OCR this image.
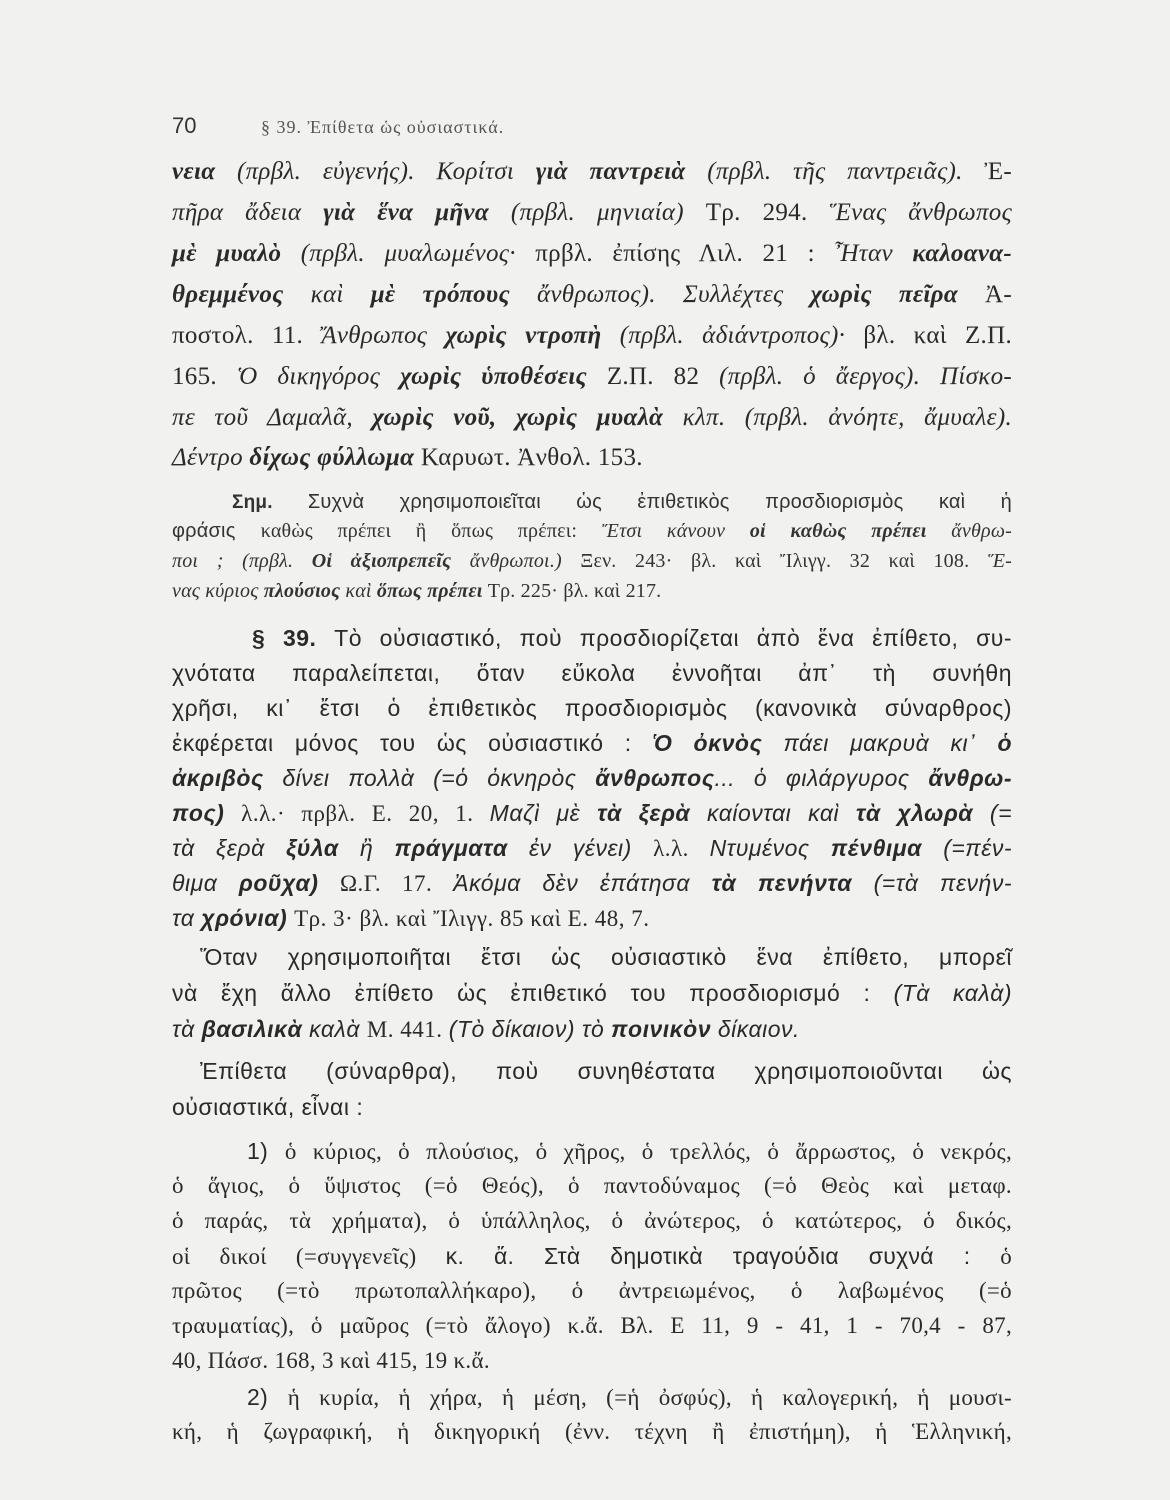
70	§ 39. Ἐπίθετα ὡς οὐσιαστικά.
νεια (πρβλ. εὐγενής). Κορίτσι γιὰ παντρειὰ (πρβλ. τῆς παντρειᾶς). Ἐ-
πῆρα ἄδεια γιὰ ἕνα μῆνα (πρβλ. μηνιαία) Τρ. 294. Ἕνας ἄνθρωπος
μὲ μυαλὸ (πρβλ. μυαλωμένος· πρβλ. ἐπίσης Λιλ. 21 : Ἦταν καλοανα-
θρεμμένος καὶ μὲ τρόπους ἄνθρωπος). Συλλέχτες χωρὶς πεῖρα Ἀ-
ποστολ. 11. Ἄνθρωπος χωρὶς ντροπὴ (πρβλ. ἀδιάντροπος)· βλ. καὶ Ζ.Π.
165. Ὁ δικηγόρος χωρὶς ὑποθέσεις Ζ.Π. 82 (πρβλ. ὁ ἄεργος). Πίσκο-
πε τοῦ Δαμαλᾶ, χωρὶς νοῦ, χωρὶς μυαλὰ κλπ. (πρβλ. ἀνόητε, ἄμυαλε).
Δέντρο δίχως φύλλωμα Καρυωτ. Ἀνθολ. 153.
Σημ. Συχνὰ χρησιμοποιεῖται ὡς ἐπιθετικὸς προσδιορισμὸς καὶ ἡ
φράσις καθὼς πρέπει ἢ ὅπως πρέπει: Ἔτσι κάνουν οἱ καθὼς πρέπει ἄνθρω-
ποι ; (πρβλ. Οἱ ἀξιοπρεπεῖς ἄνθρωποι.) Ξεν. 243· βλ. καὶ Ἴλιγγ. 32 καὶ 108. Ἕ-
νας κύριος πλούσιος καὶ ὅπως πρέπει Τρ. 225· βλ. καὶ 217.
§ 39. Τὸ οὐσιαστικό, ποὺ προσδιορίζεται ἀπὸ ἕνα ἐπίθετο, συ-
χνότατα παραλείπεται, ὅταν εὔκολα ἐννοῆται ἀπ᾽ τὴ συνήθη
χρῆσι, κι᾽ ἔτσι ὁ ἐπιθετικὸς προσδιορισμὸς (κανονικὰ σύναρθρος)
ἐκφέρεται μόνος του ὡς οὐσιαστικό : Ὁ ὀκνὸς πάει μακρυὰ κι᾽ ὁ
ἀκριβὸς δίνει πολλὰ (=ὁ ὀκνηρὸς ἄνθρωπος... ὁ φιλάργυρος ἄνθρω-
πος) λ.λ.· πρβλ. Ε. 20, 1. Μαζὶ μὲ τὰ ξερὰ καίονται καὶ τὰ χλωρὰ (=
τὰ ξερὰ ξύλα ἢ πράγματα ἐν γένει) λ.λ. Ντυμένος πένθιμα (=πέν-
θιμα ροῦχα) Ω.Γ. 17. Ἀκόμα δὲν ἐπάτησα τὰ πενήντα (=τὰ πενήν-
τα χρόνια) Τρ. 3· βλ. καὶ Ἴλιγγ. 85 καὶ Ε. 48, 7.
Ὅταν χρησιμοποιῆται ἔτσι ὡς οὐσιαστικὸ ἕνα ἐπίθετο, μπορεῖ
νὰ ἔχη ἄλλο ἐπίθετο ὡς ἐπιθετικό του προσδιορισμό : (Τὰ καλὰ)
τὰ βασιλικὰ καλὰ Μ. 441. (Τὸ δίκαιον) τὸ ποινικὸν δίκαιον.
Ἐπίθετα (σύναρθρα), ποὺ συνηθέστατα χρησιμοποιοῦνται ὡς
οὐσιαστικά, εἶναι :
1) ὁ κύριος, ὁ πλούσιος, ὁ χῆρος, ὁ τρελλός, ὁ ἄρρωστος, ὁ νεκρός,
ὁ ἅγιος, ὁ ὕψιστος (=ὁ Θεός), ὁ παντοδύναμος (=ὁ Θεὸς καὶ μεταφ.
ὁ παράς, τὰ χρήματα), ὁ ὑπάλληλος, ὁ ἀνώτερος, ὁ κατώτερος, ὁ δικός,
οἱ δικοί (=συγγενεῖς) κ. ἄ. Στὰ δημοτικὰ τραγούδια συχνά : ὁ
πρῶτος (=τὸ πρωτοπαλλήκαρο), ὁ ἀντρειωμένος, ὁ λαβωμένος (=ὁ
τραυματίας), ὁ μαῦρος (=τὸ ἄλογο) κ.ἄ. Βλ. Ε 11, 9 - 41, 1 - 70,4 - 87,
40, Πάσσ. 168, 3 καὶ 415, 19 κ.ἄ.
2) ἡ κυρία, ἡ χήρα, ἡ μέση, (=ἡ ὀσφύς), ἡ καλογερική, ἡ μουσι-
κή, ἡ ζωγραφική, ἡ δικηγορική (ἐνν. τέχνη ἢ ἐπιστήμη), ἡ Ἑλληνική,
